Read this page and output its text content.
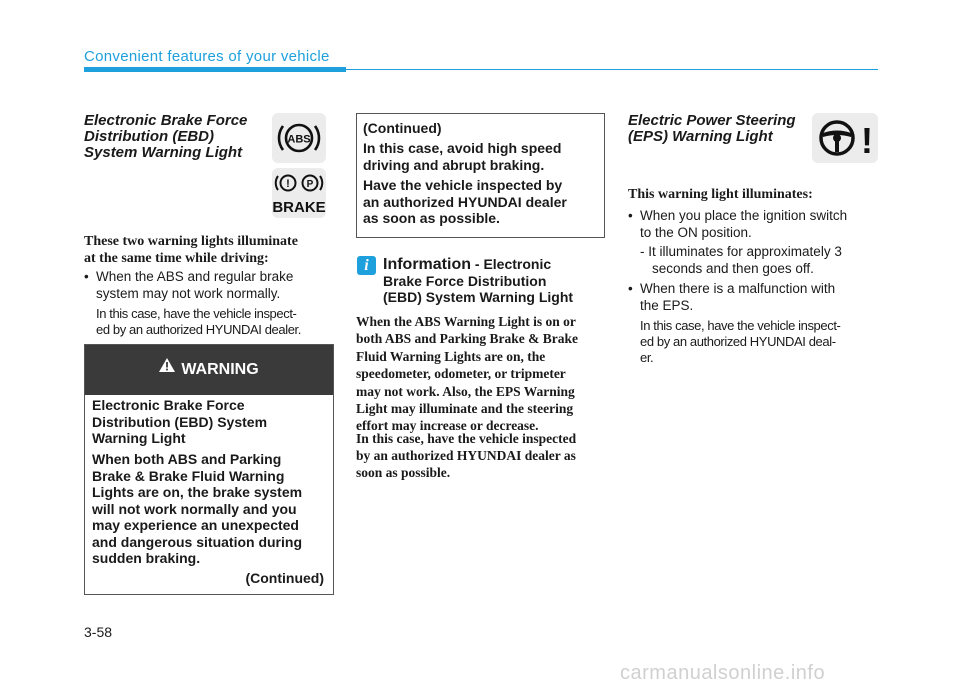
Convenient features of your vehicle
Electronic Brake Force
Distribution (EBD)
System Warning Light
ABS
! P
BRAKE
These two warning lights illuminate
at the same time while driving:
• When the ABS and regular brake
system may not work normally.
In this case, have the vehicle inspect-
ed by an authorized HYUNDAI dealer.
WARNING
Electronic Brake Force
Distribution (EBD) System
Warning Light
When both ABS and Parking
Brake & Brake Fluid Warning
Lights are on, the brake system
will not work normally and you
may experience an unexpected
and dangerous situation during
sudden braking.
(Continued)
(Continued)
In this case, avoid high speed
driving and abrupt braking.
Have the vehicle inspected by
an authorized HYUNDAI dealer
as soon as possible.
i Information - Electronic
Brake Force Distribution
(EBD) System Warning Light
When the ABS Warning Light is on or
both ABS and Parking Brake & Brake
Fluid Warning Lights are on, the
speedometer, odometer, or tripmeter
may not work. Also, the EPS Warning
Light may illuminate and the steering
effort may increase or decrease.
In this case, have the vehicle inspected
by an authorized HYUNDAI dealer as
soon as possible.
Electric Power Steering
(EPS) Warning Light	!
This warning light illuminates:
• When you place the ignition switch
to the ON position.
- It illuminates for approximately 3
seconds and then goes off.
• When there is a malfunction with
the EPS.
In this case, have the vehicle inspect-
ed by an authorized HYUNDAI deal-
er.
3-58
carmanualsonline.info
